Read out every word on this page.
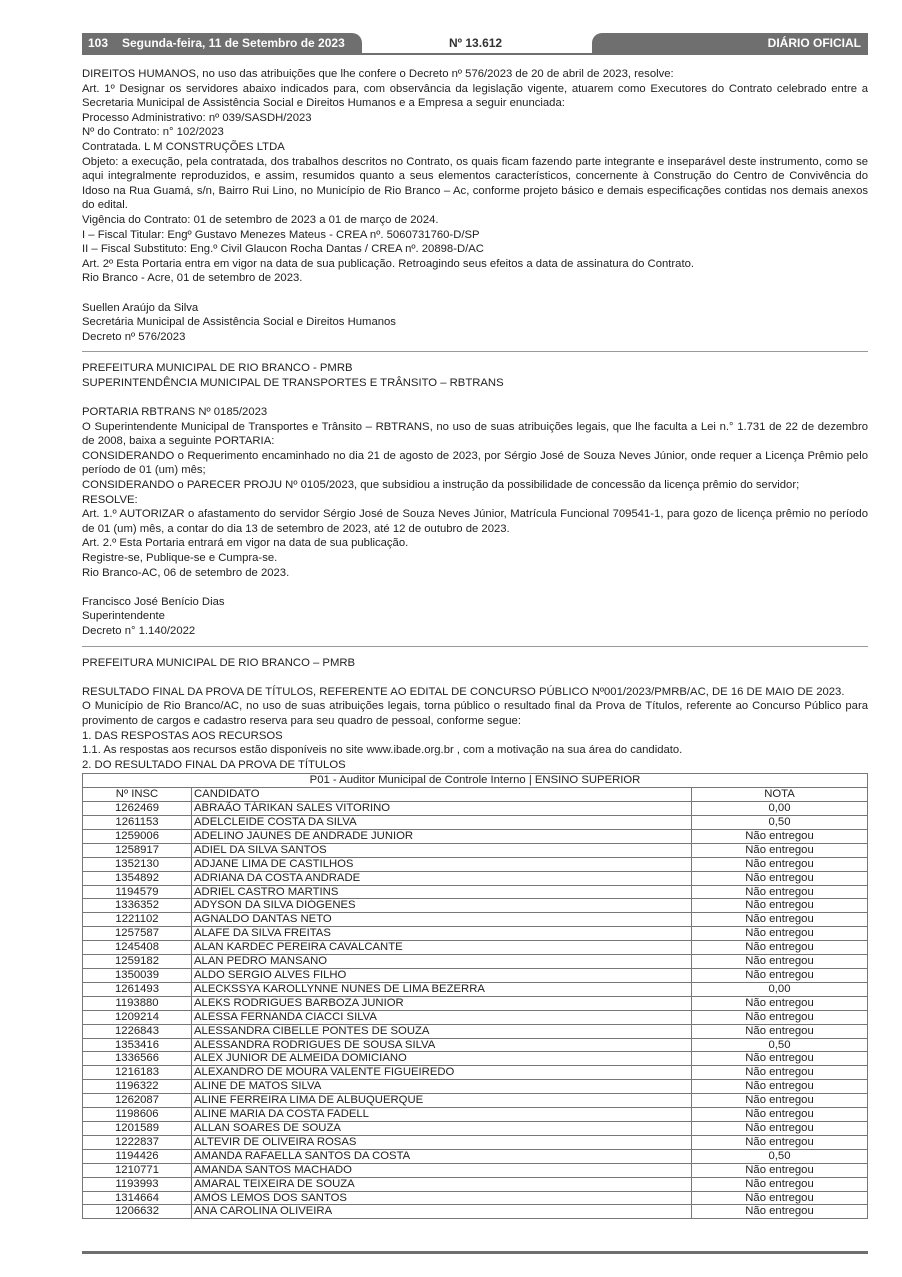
103 Segunda-feira, 11 de Setembro de 2023	Nº 13.612	DIÁRIO OFICIAL

DIREITOS HUMANOS, no uso das atribuições que lhe confere o Decreto nº 576/2023 de 20 de abril de 2023, resolve:

Art. 1º Designar os servidores abaixo indicados para, com observância da legislação vigente, atuarem como Executores do Contrato celebrado entre a Secretaria Municipal de Assistência Social e Direitos Humanos e a Empresa a seguir enunciada:

Processo Administrativo: nº 039/SASDH/2023

Nº do Contrato: n° 102/2023

Contratada. L M CONSTRUÇÕES LTDA

Objeto: a execução, pela contratada, dos trabalhos descritos no Contrato, os quais ficam fazendo parte integrante e inseparável deste instrumento, como se aqui integralmente reproduzidos, e assim, resumidos quanto a seus elementos característicos, concernente à Construção do Centro de Convivência do Idoso na Rua Guamá, s/n, Bairro Rui Lino, no Município de Rio Branco – Ac, conforme projeto básico e demais especificações contidas nos demais anexos do edital.

Vigência do Contrato: 01 de setembro de 2023 a 01 de março de 2024.

I – Fiscal Titular: Engº Gustavo Menezes Mateus - CREA nº. 5060731760-D/SP

II – Fiscal Substituto: Eng.º Civil Glaucon Rocha Dantas / CREA nº. 20898-D/AC

Art. 2º Esta Portaria entra em vigor na data de sua publicação. Retroagindo seus efeitos a data de assinatura do Contrato.

Rio Branco - Acre, 01 de setembro de 2023.

Suellen Araújo da Silva

Secretária Municipal de Assistência Social e Direitos Humanos

Decreto nº 576/2023

PREFEITURA MUNICIPAL DE RIO BRANCO - PMRB

SUPERINTENDÊNCIA MUNICIPAL DE TRANSPORTES E TRÂNSITO – RBTRANS

PORTARIA RBTRANS Nº 0185/2023

O Superintendente Municipal de Transportes e Trânsito – RBTRANS, no uso de suas atribuições legais, que lhe faculta a Lei n.° 1.731 de 22 de dezembro de 2008, baixa a seguinte PORTARIA:

CONSIDERANDO o Requerimento encaminhado no dia 21 de agosto de 2023, por Sérgio José de Souza Neves Júnior, onde requer a Licença Prêmio pelo período de 01 (um) mês;

CONSIDERANDO o PARECER PROJU Nº 0105/2023, que subsidiou a instrução da possibilidade de concessão da licença prêmio do servidor;

RESOLVE:

Art. 1.º AUTORIZAR o afastamento do servidor Sérgio José de Souza Neves Júnior, Matrícula Funcional 709541-1, para gozo de licença prêmio no período de 01 (um) mês, a contar do dia 13 de setembro de 2023, até 12 de outubro de 2023.

Art. 2.º Esta Portaria entrará em vigor na data de sua publicação.

Registre-se, Publique-se e Cumpra-se.

Rio Branco-AC, 06 de setembro de 2023.

Francisco José Benício Dias

Superintendente

Decreto n° 1.140/2022

PREFEITURA MUNICIPAL DE RIO BRANCO – PMRB

RESULTADO FINAL DA PROVA DE TÍTULOS, REFERENTE AO EDITAL DE CONCURSO PÚBLICO Nº001/2023/PMRB/AC, DE 16 DE MAIO DE 2023.

O Município de Rio Branco/AC, no uso de suas atribuições legais, torna público o resultado final da Prova de Títulos, referente ao Concurso Público para provimento de cargos e cadastro reserva para seu quadro de pessoal, conforme segue:

1. DAS RESPOSTAS AOS RECURSOS

1.1. As respostas aos recursos estão disponíveis no site www.ibade.org.br , com a motivação na sua área do candidato.

2. DO RESULTADO FINAL DA PROVA DE TÍTULOS

P01 - Auditor Municipal de Controle Interno | ENSINO SUPERIOR		
Nº INSC	CANDIDATO	NOTA
1262469	ABRAÃO TÁRIKAN SALES VITORINO	0,00
1261153	ADELCLEIDE COSTA DA SILVA	0,50
1259006	ADELINO JAUNES DE ANDRADE JUNIOR	Não entregou
1258917	ADIEL DA SILVA SANTOS	Não entregou
1352130	ADJANE LIMA DE CASTILHOS	Não entregou
1354892	ADRIANA DA COSTA ANDRADE	Não entregou
1194579	ADRIEL CASTRO MARTINS	Não entregou
1336352	ADYSON DA SILVA DIÓGENES	Não entregou
1221102	AGNALDO DANTAS NETO	Não entregou
1257587	ALAFE DA SILVA FREITAS	Não entregou
1245408	ALAN KARDEC PEREIRA CAVALCANTE	Não entregou
1259182	ALAN PEDRO MANSANO	Não entregou
1350039	ALDO SERGIO ALVES FILHO	Não entregou
1261493	ALECKSSYA KAROLLYNNE NUNES DE LIMA BEZERRA	0,00
1193880	ALEKS RODRIGUES BARBOZA JUNIOR	Não entregou
1209214	ALESSA FERNANDA CIACCI SILVA	Não entregou
1226843	ALESSANDRA CIBELLE PONTES DE SOUZA	Não entregou
1353416	ALESSANDRA RODRIGUES DE SOUSA SILVA	0,50
1336566	ALEX JUNIOR DE ALMEIDA DOMICIANO	Não entregou
1216183	ALEXANDRO DE MOURA VALENTE FIGUEIREDO	Não entregou
1196322	ALINE DE MATOS SILVA	Não entregou
1262087	ALINE FERREIRA LIMA DE ALBUQUERQUE	Não entregou
1198606	ALINE MARIA DA COSTA FADELL	Não entregou
1201589	ALLAN SOARES DE SOUZA	Não entregou
1222837	ALTEVIR DE OLIVEIRA ROSAS	Não entregou
1194426	AMANDA RAFAELLA SANTOS DA COSTA	0,50
1210771	AMANDA SANTOS MACHADO	Não entregou
1193993	AMARAL TEIXEIRA DE SOUZA	Não entregou
1314664	AMÓS LEMOS DOS SANTOS	Não entregou
1206632	ANA CAROLINA OLIVEIRA	Não entregou
